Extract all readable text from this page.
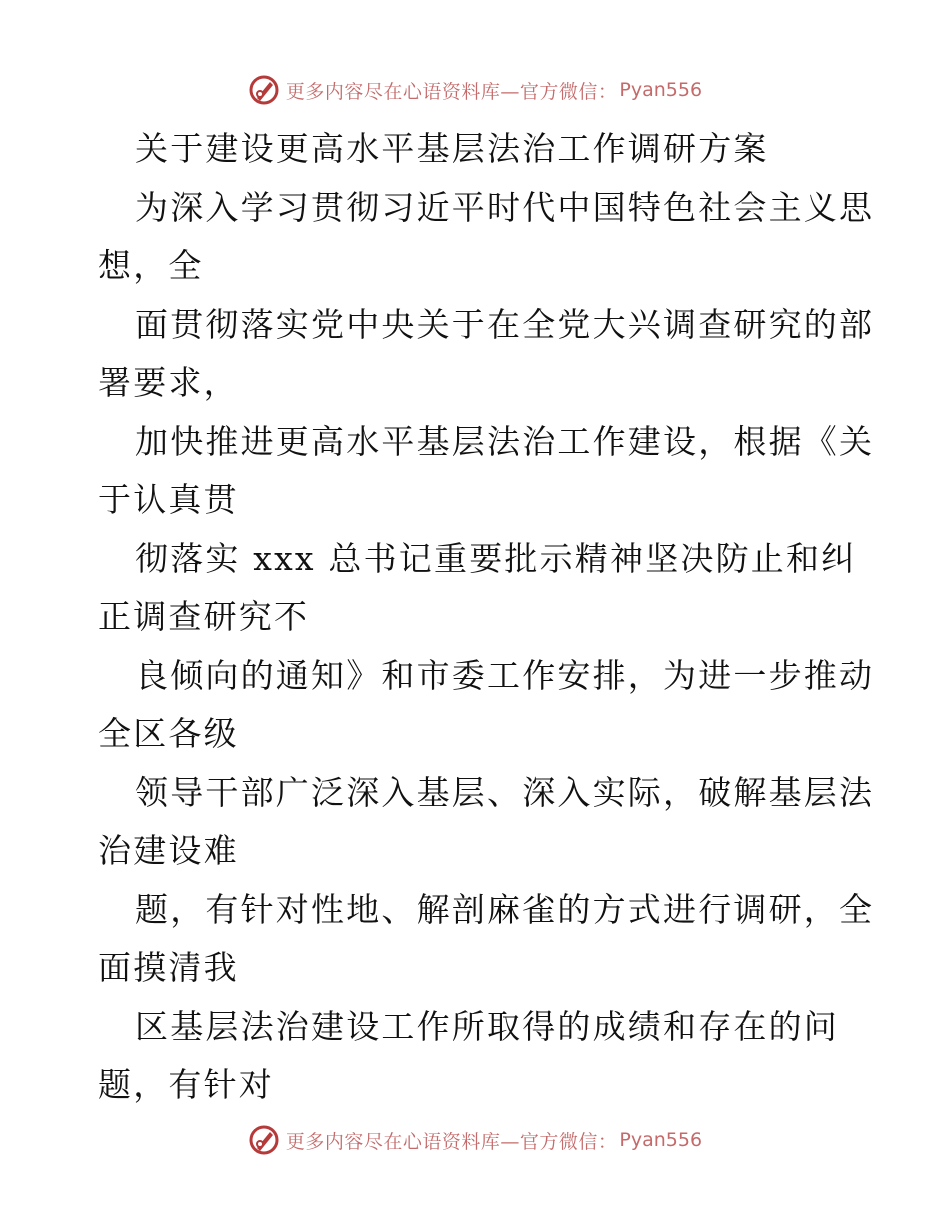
更多内容尽在心语资料库—官方微信： Pyan556
关于建设更高水平基层法治工作调研方案
为深入学习贯彻习近平时代中国特色社会主义思
想，全
面贯彻落实党中央关于在全党大兴调查研究的部
署要求，
加快推进更高水平基层法治工作建设，根据《关
于认真贯
彻落实 xxx 总书记重要批示精神坚决防止和纠
正调查研究不
良倾向的通知》和市委工作安排，为进一步推动
全区各级
领导干部广泛深入基层、深入实际，破解基层法
治建设难
题，有针对性地、解剖麻雀的方式进行调研，全
面摸清我
区基层法治建设工作所取得的成绩和存在的问
题，有针对
更多内容尽在心语资料库—官方微信： Pyan556
